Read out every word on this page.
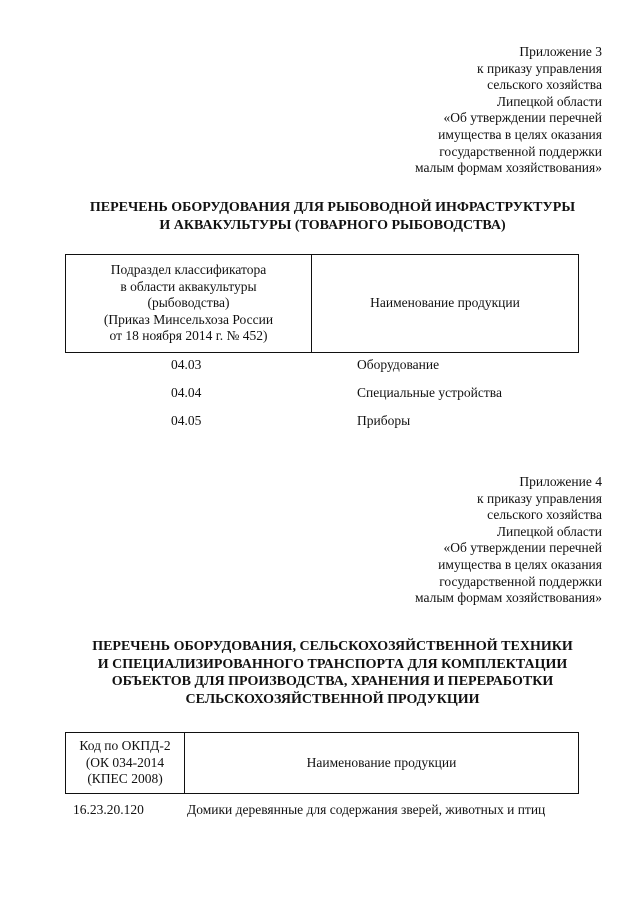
Приложение 3
к приказу управления
сельского хозяйства
Липецкой области
«Об утверждении перечней
имущества в целях оказания
государственной поддержки
малым формам хозяйствования»
ПЕРЕЧЕНЬ ОБОРУДОВАНИЯ ДЛЯ РЫБОВОДНОЙ ИНФРАСТРУКТУРЫ
И АКВАКУЛЬТУРЫ (ТОВАРНОГО РЫБОВОДСТВА)
Подраздел классификатора
в области аквакультуры
(рыбоводства)
(Приказ Минсельхоза России
от 18 ноября 2014 г. № 452)
	Наименование продукции
04.03	Оборудование
04.04	Специальные устройства
04.05	Приборы
Приложение 4
к приказу управления
сельского хозяйства
Липецкой области
«Об утверждении перечней
имущества в целях оказания
государственной поддержки
малым формам хозяйствования»
ПЕРЕЧЕНЬ ОБОРУДОВАНИЯ, СЕЛЬСКОХОЗЯЙСТВЕННОЙ ТЕХНИКИ
И СПЕЦИАЛИЗИРОВАННОГО ТРАНСПОРТА ДЛЯ КОМПЛЕКТАЦИИ
ОБЪЕКТОВ ДЛЯ ПРОИЗВОДСТВА, ХРАНЕНИЯ И ПЕРЕРАБОТКИ
СЕЛЬСКОХОЗЯЙСТВЕННОЙ ПРОДУКЦИИ
Код по ОКПД-2
(ОК 034-2014
(КПЕС 2008)
	Наименование продукции
16.23.20.120	Домики деревянные для содержания зверей, животных и птиц
